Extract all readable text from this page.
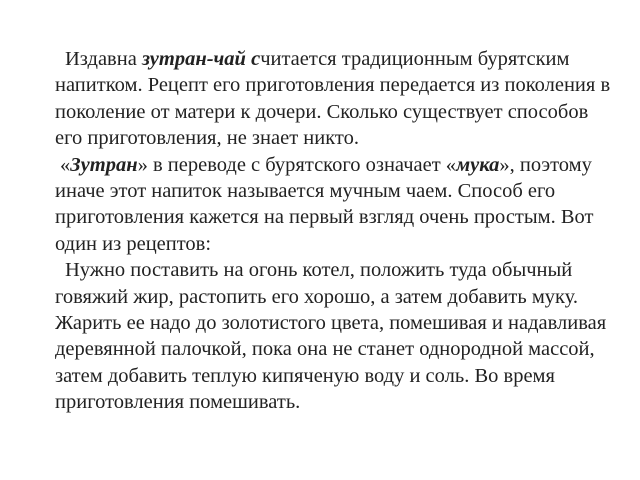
Издавна зутран-чай считается традиционным бурятским напитком. Рецепт его приготовления передается из поколения в поколение от матери к дочери. Сколько существует способов его приготовления, не знает никто.

«Зутран» в переводе с бурятского означает «мука», поэтому иначе этот напиток называется мучным чаем. Способ его приготовления кажется на первый взгляд очень простым. Вот один из рецептов:

Нужно поставить на огонь котел, положить туда обычный говяжий жир, растопить его хорошо, а затем добавить муку. Жарить ее надо до золотистого цвета, помешивая и надавливая деревянной палочкой, пока она не станет однородной массой, затем добавить теплую кипяченую воду и соль. Во время приготовления помешивать.
